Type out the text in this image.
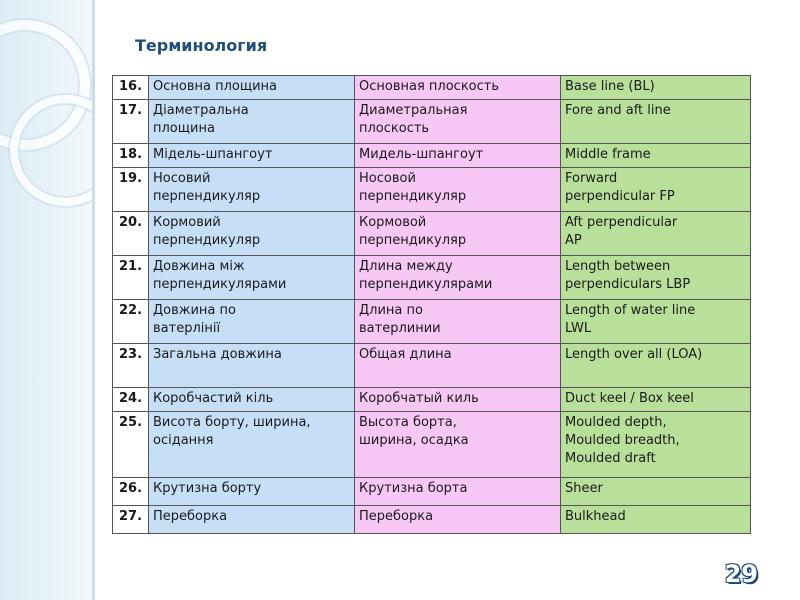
Терминология
16.	Основна площина	Основная плоскость	Base line (BL)
17.	Діаметральна площина	Диаметральная плоскость	Fore and aft line
18.	Мідель-шпангоут	Мидель-шпангоут	Middle frame
19.	Носовий перпендикуляр	Носовой перпендикуляр	Forward perpendicular FP
20.	Кормовий перпендикуляр	Кормовой перпендикуляр	Aft perpendicular AP
21.	Довжина між перпендикулярами	Длина между перпендикулярами	Length between perpendiculars LBP
22.	Довжина по ватерлінії	Длина по ватерлинии	Length of water line LWL
23.	Загальна довжина	Общая длина	Length over all (LOA)
24.	Коробчастий кіль	Коробчатый киль	Duct keel / Box keel
25.	Висота борту, ширина, осідання	Высота борта, ширина, осадка	Moulded depth, Moulded breadth, Moulded draft
26.	Крутизна борту	Крутизна борта	Sheer
27.	Переборка	Переборка	Bulkhead
29
